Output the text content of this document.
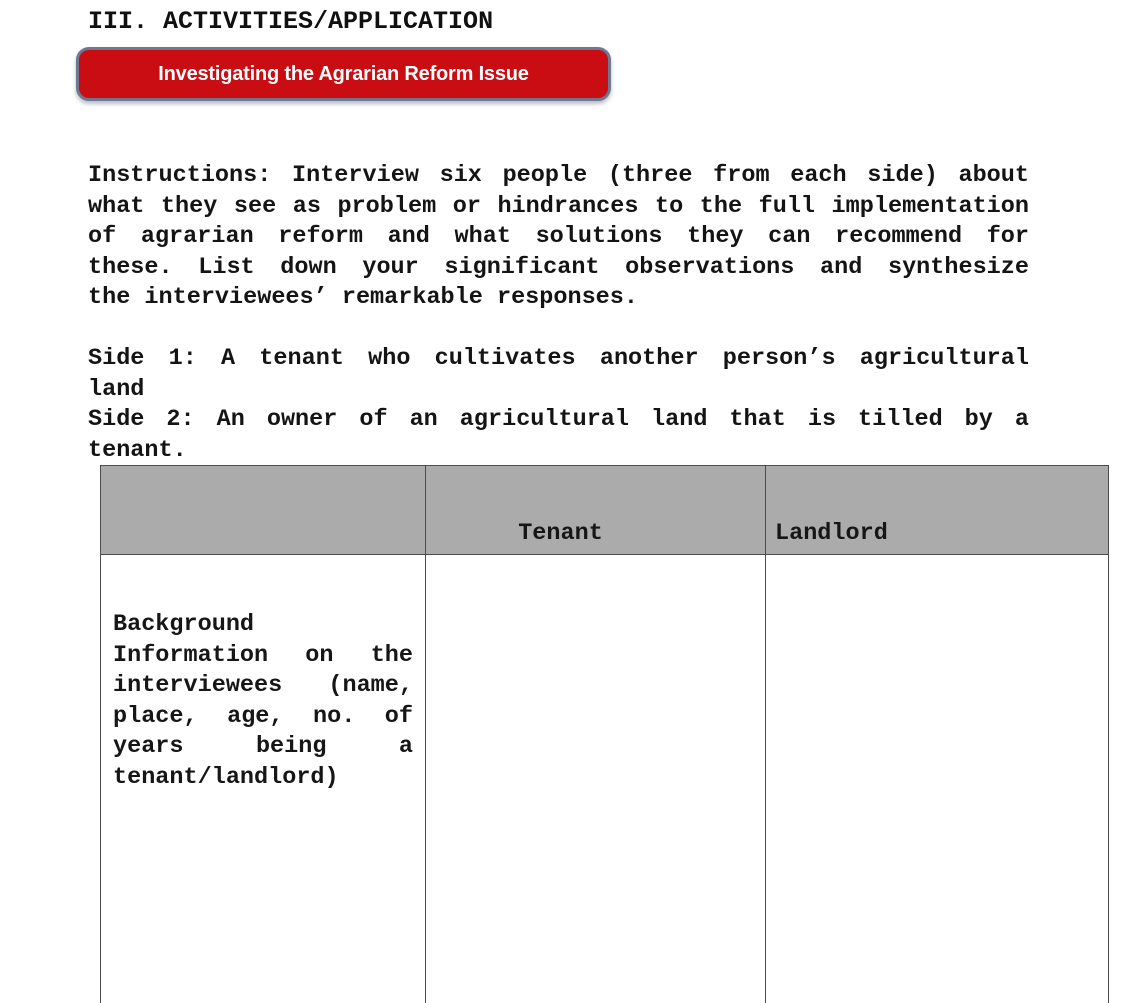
III. ACTIVITIES/APPLICATION
Investigating the Agrarian Reform Issue
Instructions: Interview six people (three from each side) about
what they see as problem or hindrances to the full implementation
of agrarian reform and what solutions they can recommend for
these. List down your significant observations and synthesize
the interviewees’ remarkable responses.
Side 1: A tenant who cultivates another person’s agricultural
land
Side 2: An owner of an agricultural land that is tilled by a
tenant.
	Tenant	Landlord

Background
Information on the
interviewees (name,
place, age, no. of
years being a
tenant/landlord)
